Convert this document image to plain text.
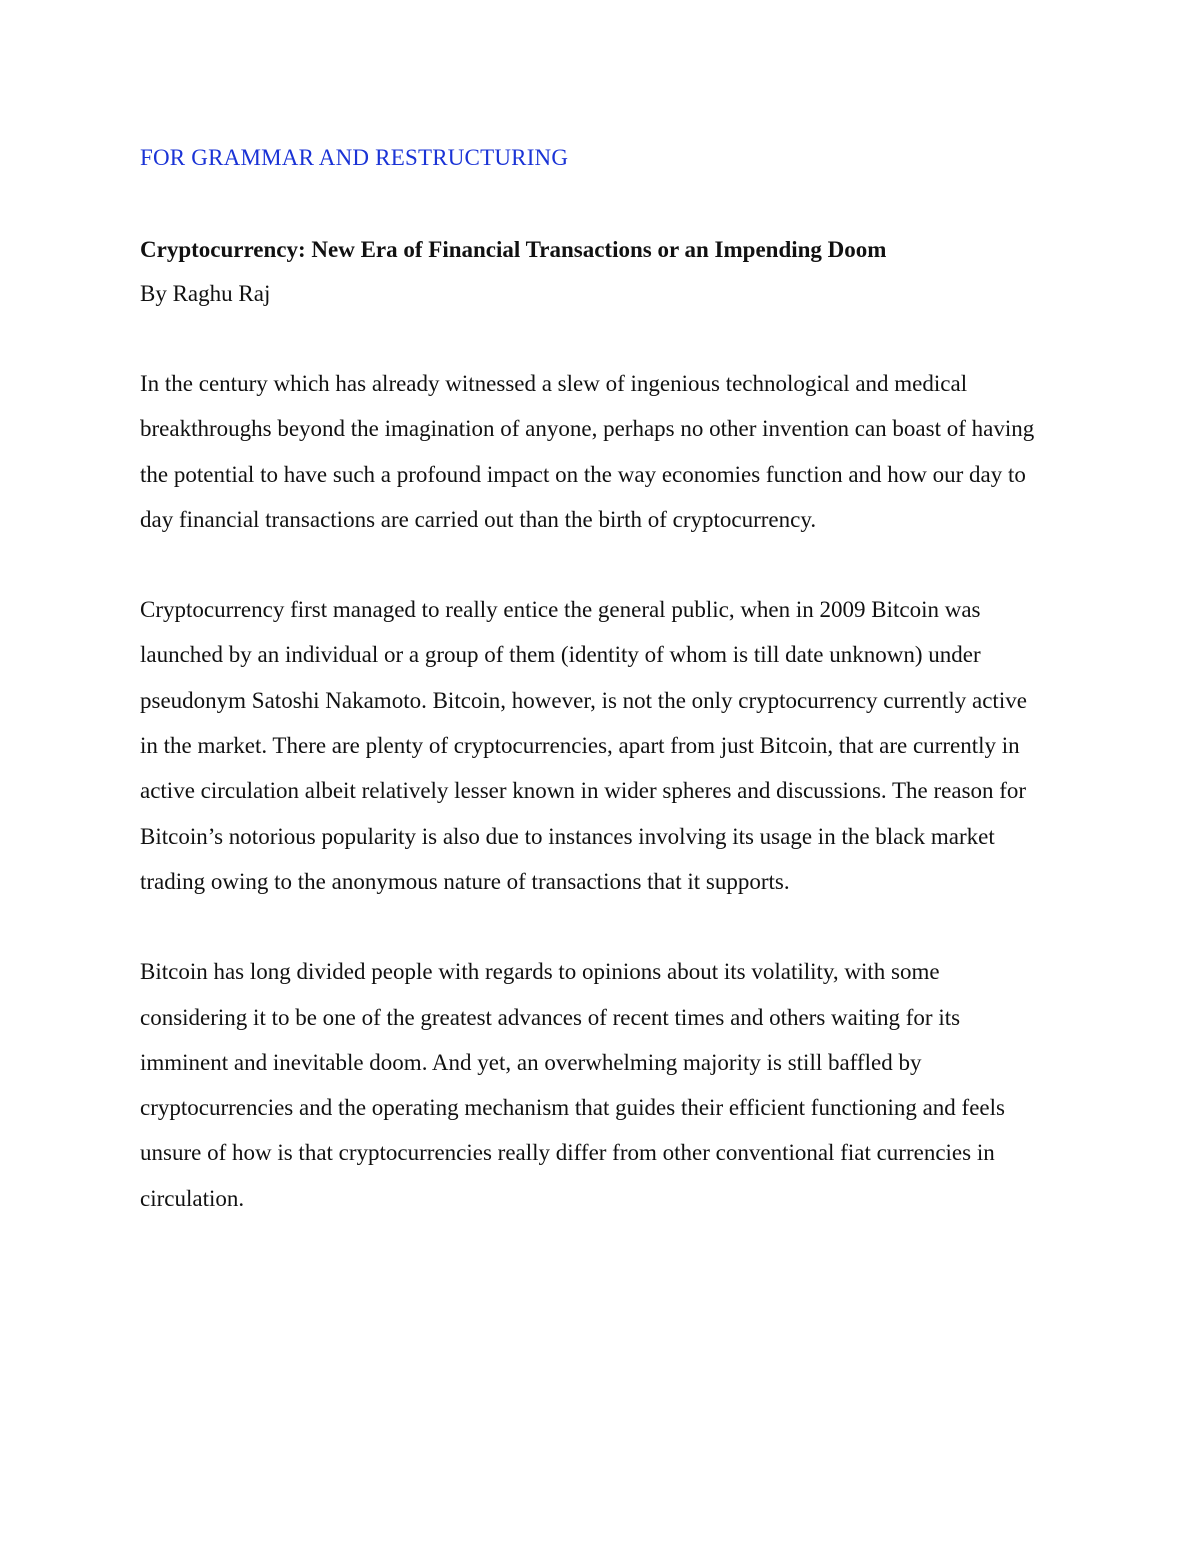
FOR GRAMMAR AND RESTRUCTURING

Cryptocurrency: New Era of Financial Transactions or an Impending Doom

By Raghu Raj

In the century which has already witnessed a slew of ingenious technological and medical breakthroughs beyond the imagination of anyone, perhaps no other invention can boast of having the potential to have such a profound impact on the way economies function and how our day to day financial transactions are carried out than the birth of cryptocurrency.

Cryptocurrency first managed to really entice the general public, when in 2009 Bitcoin was launched by an individual or a group of them (identity of whom is till date unknown) under pseudonym Satoshi Nakamoto. Bitcoin, however, is not the only cryptocurrency currently active in the market. There are plenty of cryptocurrencies, apart from just Bitcoin, that are currently in active circulation albeit relatively lesser known in wider spheres and discussions. The reason for Bitcoin’s notorious popularity is also due to instances involving its usage in the black market trading owing to the anonymous nature of transactions that it supports.

Bitcoin has long divided people with regards to opinions about its volatility, with some considering it to be one of the greatest advances of recent times and others waiting for its imminent and inevitable doom. And yet, an overwhelming majority is still baffled by cryptocurrencies and the operating mechanism that guides their efficient functioning and feels unsure of how is that cryptocurrencies really differ from other conventional fiat currencies in circulation.
